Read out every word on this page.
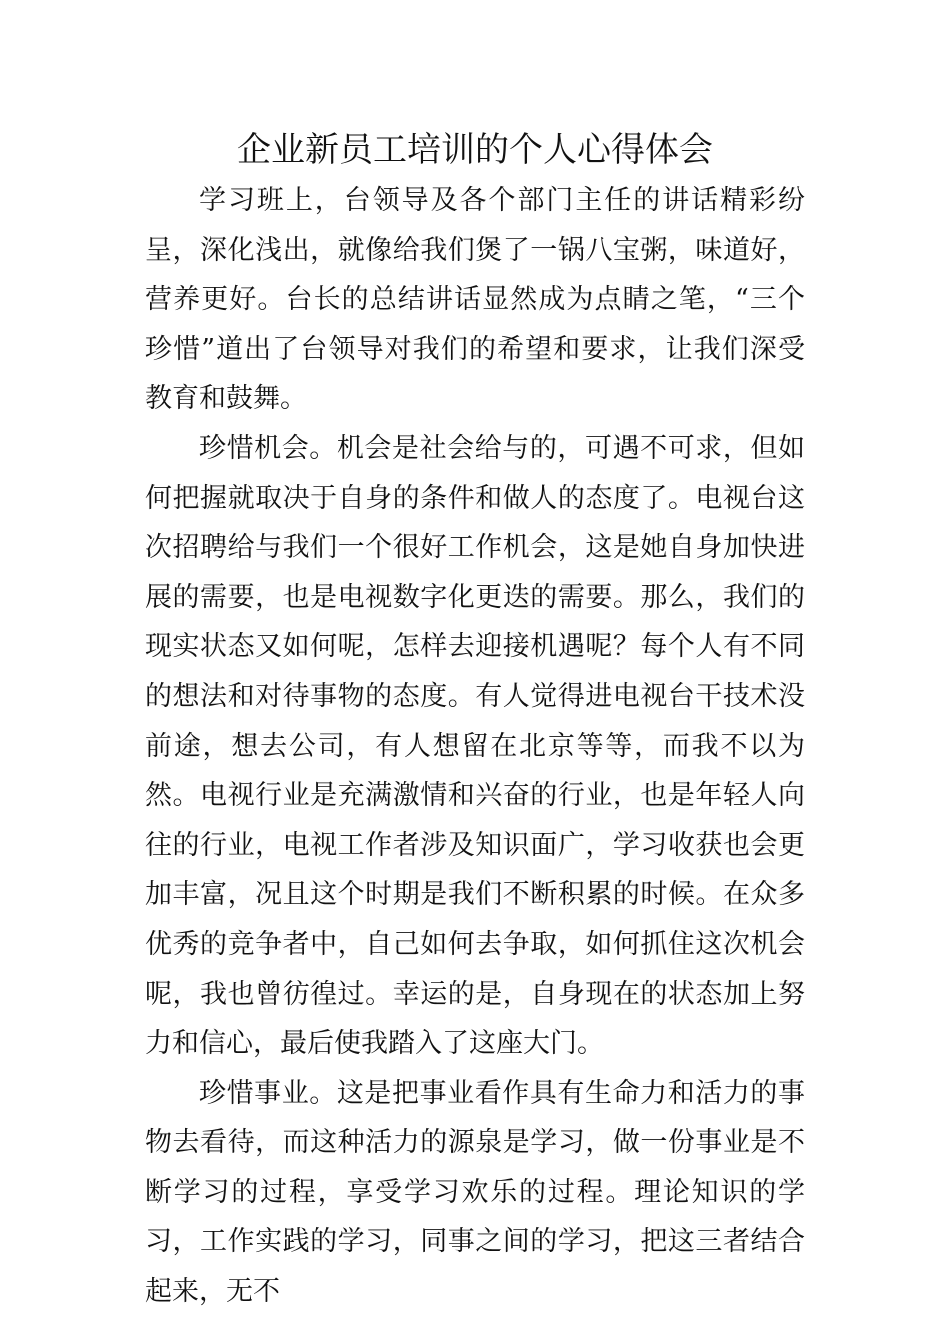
企业新员工培训的个人心得体会

学习班上，台领导及各个部门主任的讲话精彩纷呈，深化浅出，就像给我们煲了一锅八宝粥，味道好，营养更好。台长的总结讲话显然成为点睛之笔，“三个珍惜”道出了台领导对我们的希望和要求，让我们深受教育和鼓舞。

珍惜机会。机会是社会给与的，可遇不可求，但如何把握就取决于自身的条件和做人的态度了。电视台这次招聘给与我们一个很好工作机会，这是她自身加快进展的需要，也是电视数字化更迭的需要。那么，我们的现实状态又如何呢，怎样去迎接机遇呢？每个人有不同的想法和对待事物的态度。有人觉得进电视台干技术没前途，想去公司，有人想留在北京等等，而我不以为然。电视行业是充满激情和兴奋的行业，也是年轻人向往的行业，电视工作者涉及知识面广，学习收获也会更加丰富，况且这个时期是我们不断积累的时候。在众多优秀的竞争者中，自己如何去争取，如何抓住这次机会呢，我也曾彷徨过。幸运的是，自身现在的状态加上努力和信心，最后使我踏入了这座大门。

珍惜事业。这是把事业看作具有生命力和活力的事物去看待，而这种活力的源泉是学习，做一份事业是不断学习的过程，享受学习欢乐的过程。理论知识的学习，工作实践的学习，同事之间的学习，把这三者结合起来，无不
